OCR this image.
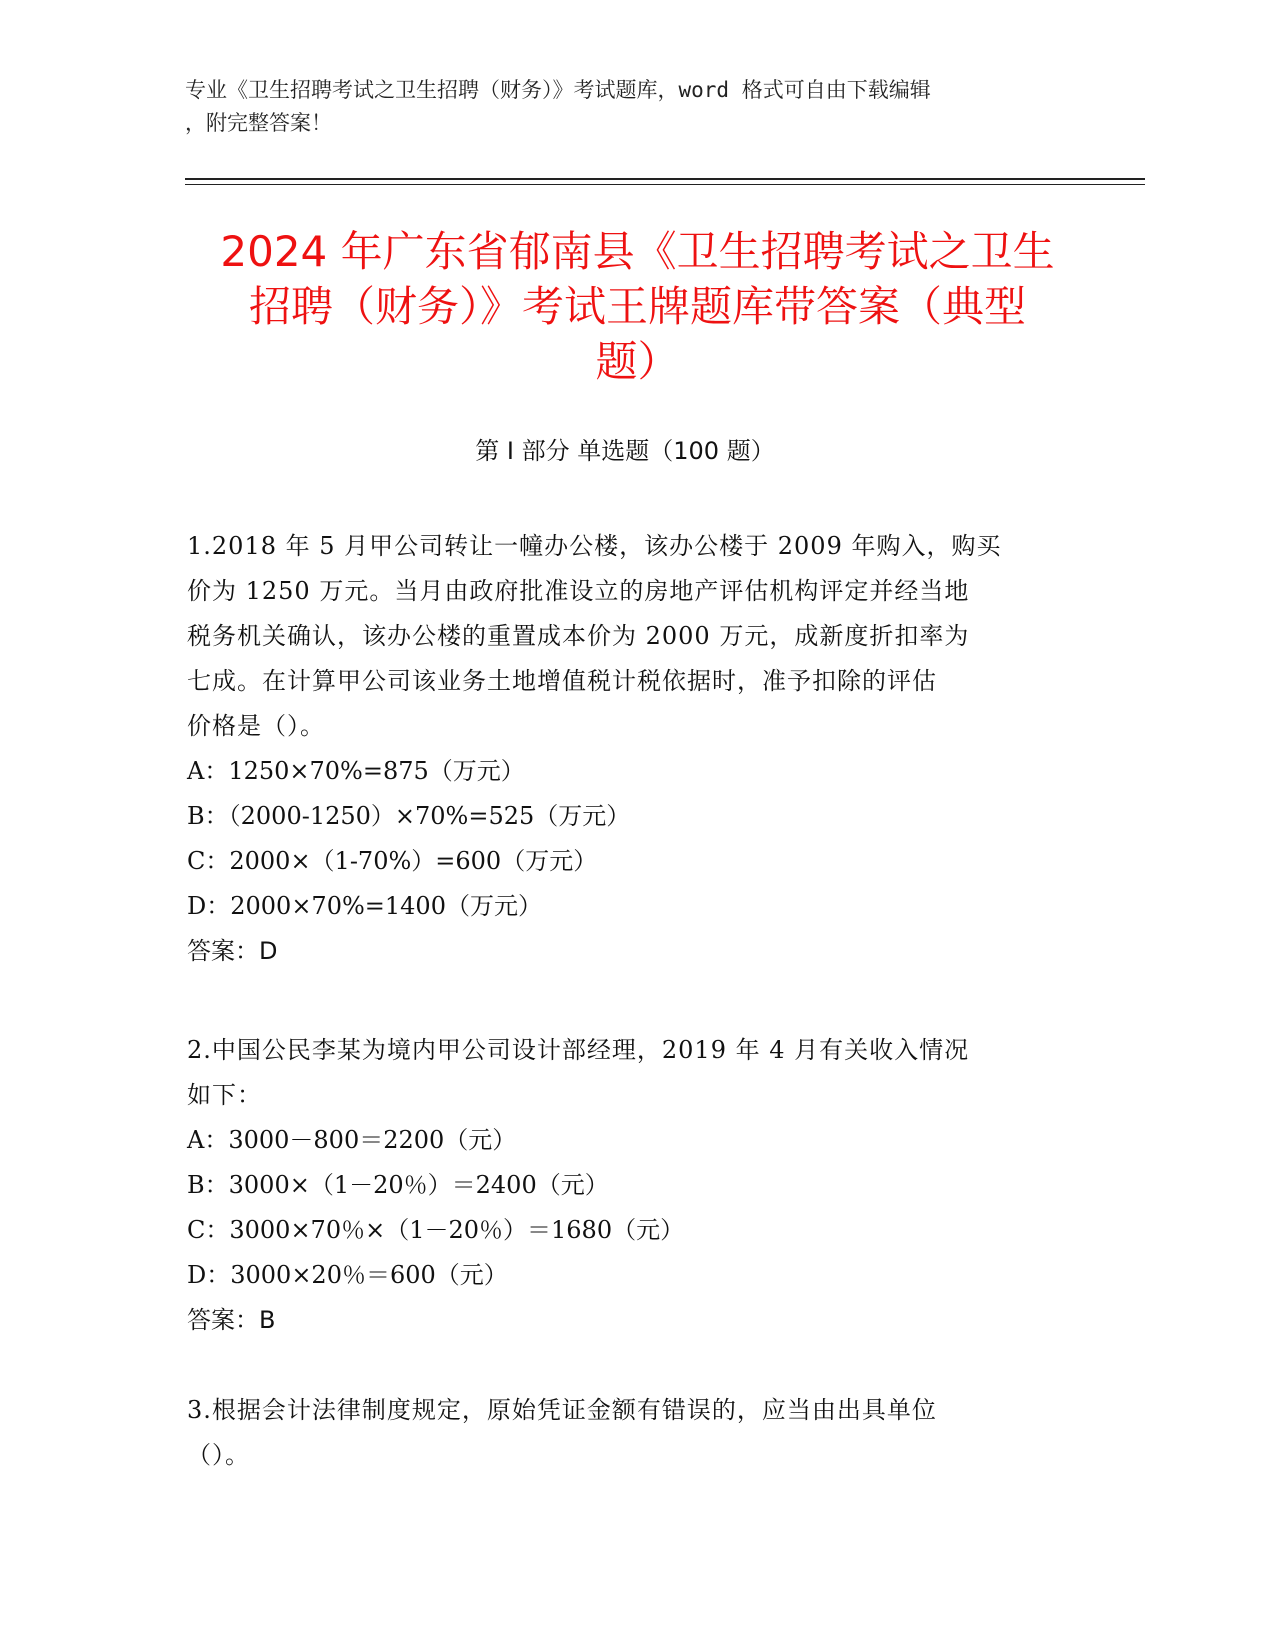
专业《卫生招聘考试之卫生招聘（财务）》考试题库，word 格式可自由下载编辑
，附完整答案！
2024 年广东省郁南县《卫生招聘考试之卫生
招聘（财务）》考试王牌题库带答案（典型
题）
第 I 部分 单选题（100 题）
1.2018 年 5 月甲公司转让一幢办公楼，该办公楼于 2009 年购入，购买
价为 1250 万元。当月由政府批准设立的房地产评估机构评定并经当地
税务机关确认，该办公楼的重置成本价为 2000 万元，成新度折扣率为
七成。在计算甲公司该业务土地增值税计税依据时，准予扣除的评估
价格是（）。
A：1250×70%=875（万元）
B：（2000-1250）×70%=525（万元）
C：2000×（1-70%）=600（万元）
D：2000×70%=1400（万元）
答案：D
2.中国公民李某为境内甲公司设计部经理，2019 年 4 月有关收入情况
如下：
A：3000－800＝2200（元）
B：3000×（1－20％）＝2400（元）
C：3000×70％×（1－20％）＝1680（元）
D：3000×20％＝600（元）
答案：B
3.根据会计法律制度规定，原始凭证金额有错误的，应当由出具单位
（）。
